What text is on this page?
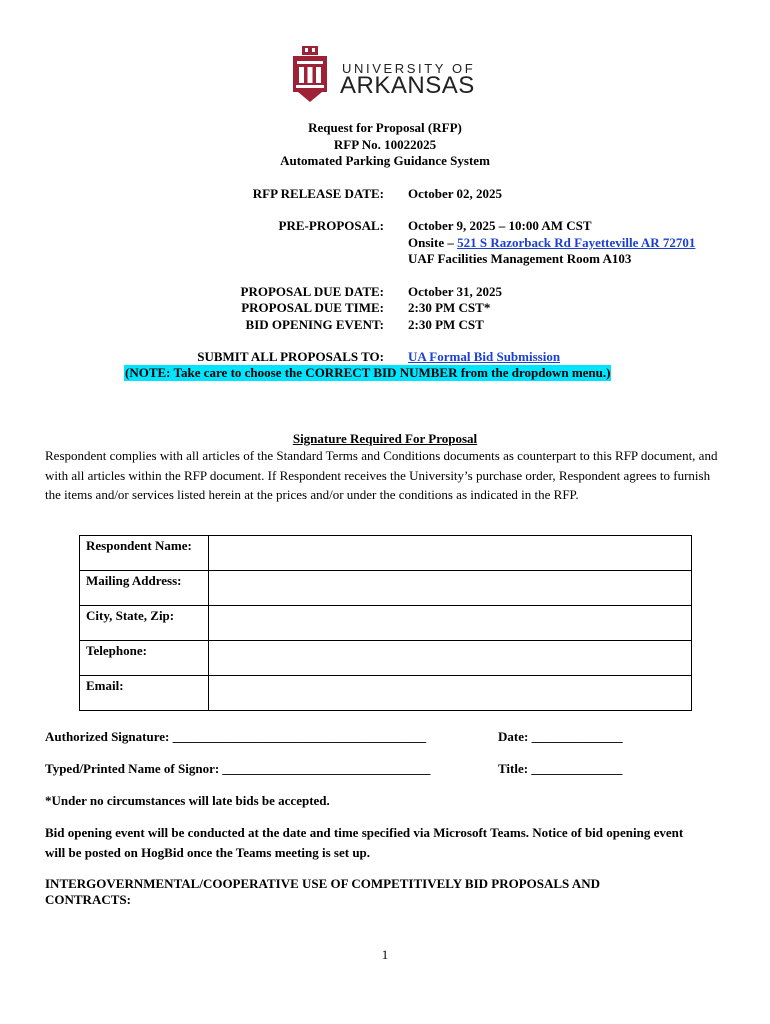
UNIVERSITY OF
ARKANSAS
Request for Proposal (RFP)
RFP No. 10022025
Automated Parking Guidance System
RFP RELEASE DATE: October 02, 2025
PRE-PROPOSAL: October 9, 2025 – 10:00 AM CST
Onsite – 521 S Razorback Rd Fayetteville AR 72701
UAF Facilities Management Room A103
PROPOSAL DUE DATE: October 31, 2025
PROPOSAL DUE TIME: 2:30 PM CST*
BID OPENING EVENT: 2:30 PM CST
SUBMIT ALL PROPOSALS TO: UA Formal Bid Submission
(NOTE: Take care to choose the CORRECT BID NUMBER from the dropdown menu.)
Signature Required For Proposal
Respondent complies with all articles of the Standard Terms and Conditions documents as counterpart to this RFP document, and with all articles within the RFP document. If Respondent receives the University’s purchase order, Respondent agrees to furnish the items and/or services listed herein at the prices and/or under the conditions as indicated in the RFP.
Respondent Name:	
Mailing Address:	
City, State, Zip:	
Telephone:	
Email:	
Authorized Signature: _______________________________________	Date: ______________
Typed/Printed Name of Signor: ________________________________	Title: ______________
*Under no circumstances will late bids be accepted.
Bid opening event will be conducted at the date and time specified via Microsoft Teams. Notice of bid opening event
will be posted on HogBid once the Teams meeting is set up.
INTERGOVERNMENTAL/COOPERATIVE USE OF COMPETITIVELY BID PROPOSALS AND
CONTRACTS:
1
